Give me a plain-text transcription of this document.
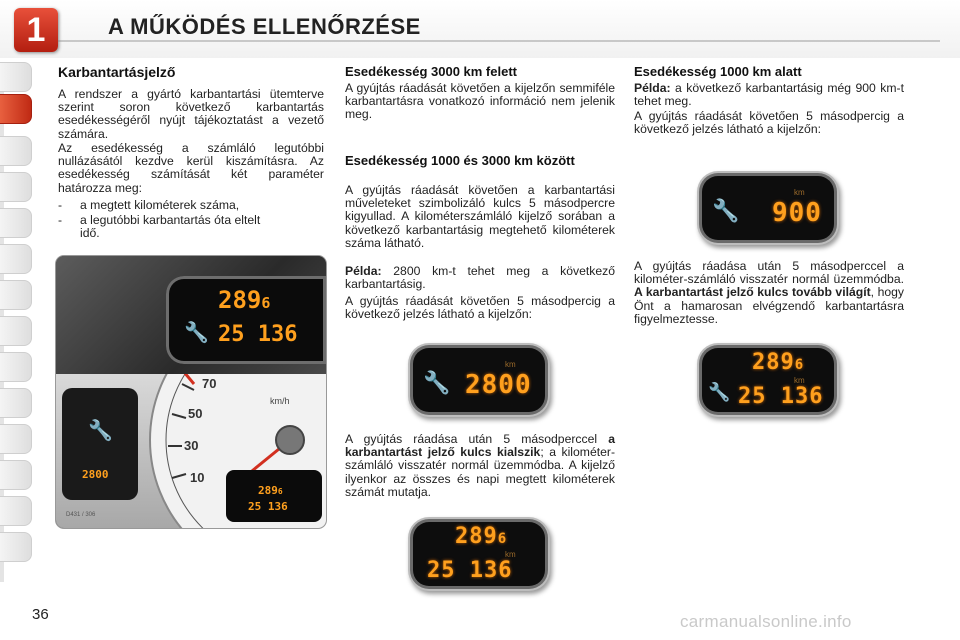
1	A MŰKÖDÉS ELLENŐRZÉSE
Karbantartásjelző
A rendszer a gyártó karbantartási ütemterve szerint soron következő karbantartás esedékességéről nyújt tájékoztatást a vezető számára.
Az esedékesség a számláló legutóbbi nullázásától kezdve kerül kiszámításra. Az esedékesség számítását két paraméter határozza meg:
- a megtett kilométerek száma,
- a legutóbbi karbantartás óta eltelt idő.
2896
🔧 25 136
🔧
2800
70
50
30
10
km/h
2896
25 136
D431 / 306
Esedékesség 3000 km felett
A gyújtás ráadását követően a kijelzőn semmiféle karbantartásra vonatkozó információ nem jelenik meg.
Esedékesség 1000 és 3000 km között
A gyújtás ráadását követően a karbantartási műveleteket szimbolizáló kulcs 5 másodpercre kigyullad. A kilométerszámláló kijelző sorában a következő karbantartásig megtehető kilométerek száma látható.
Példa: 2800 km-t tehet meg a következő karbantartásig.
A gyújtás ráadását követően 5 másodpercig a következő jelzés látható a kijelzőn:
🔧
km
2800
A gyújtás ráadása után 5 másodperccel a karbantartást jelző kulcs kialszik; a kilométer-számláló visszatér normál üzemmódba. A kijelző ilyenkor az összes és napi megtett kilométerek számát mutatja.
2896
km
25 136
Esedékesség 1000 km alatt
Példa: a következő karbantartásig még 900 km-t tehet meg.
A gyújtás ráadását követően 5 másodpercig a következő jelzés látható a kijelzőn:
🔧
km
900
A gyújtás ráadása után 5 másodperccel a kilométer-számláló visszatér normál üzemmódba. A karbantartást jelző kulcs tovább világít, hogy Önt a hamarosan elvégzendő karbantartásra figyelmeztesse.
2896
km
🔧 25 136
36	carmanualsonline.info
